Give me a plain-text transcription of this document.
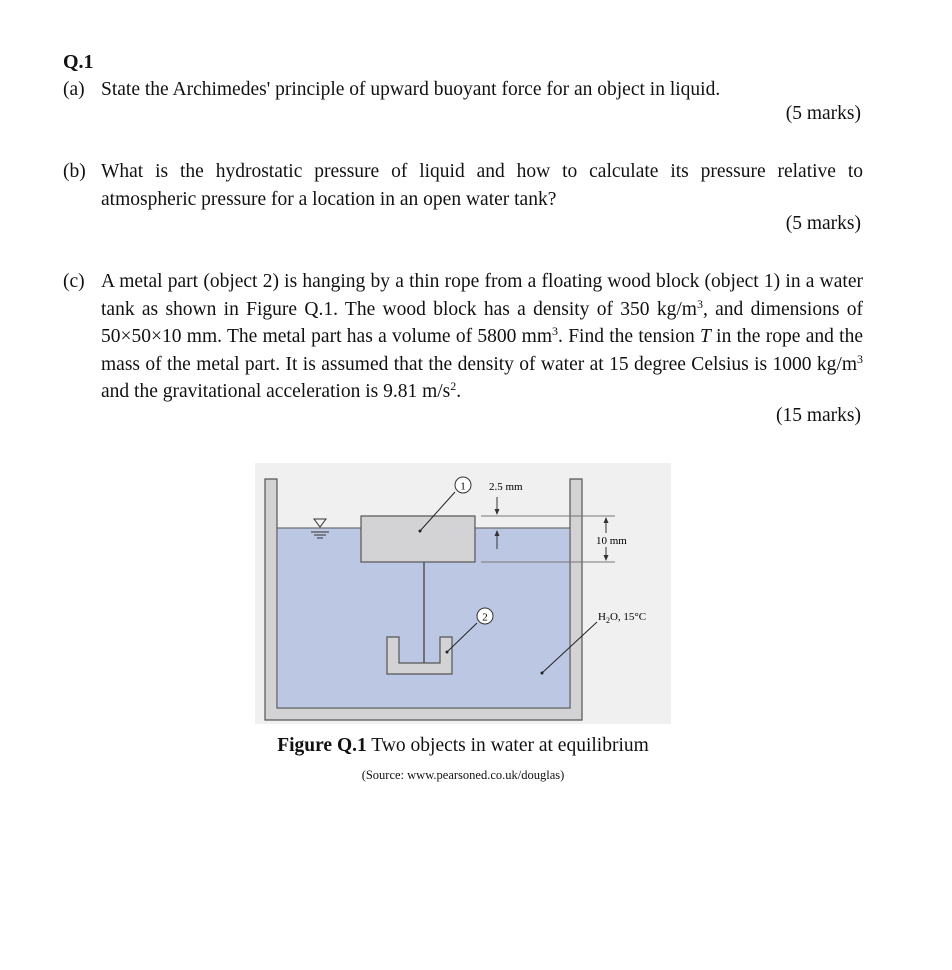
Q.1
(a) State the Archimedes' principle of upward buoyant force for an object in liquid.
(5 marks)
(b) What is the hydrostatic pressure of liquid and how to calculate its pressure relative to atmospheric pressure for a location in an open water tank?
(5 marks)
(c) A metal part (object 2) is hanging by a thin rope from a floating wood block (object 1) in a water tank as shown in Figure Q.1. The wood block has a density of 350 $kg/m^3$, and dimensions of 50×50×10 mm. The metal part has a volume of 5800 $mm^3$. Find the tension T in the rope and the mass of the metal part. It is assumed that the density of water at 15 degree Celsius is 1000 $kg/m^3$ and the gravitational acceleration is 9.81 $m/s^2$.
(15 marks)
1
2
2.5 mm
10 mm
$H_2O$, 15°C
Figure Q.1 Two objects in water at equilibrium
(Source: www.pearsoned.co.uk/douglas)
